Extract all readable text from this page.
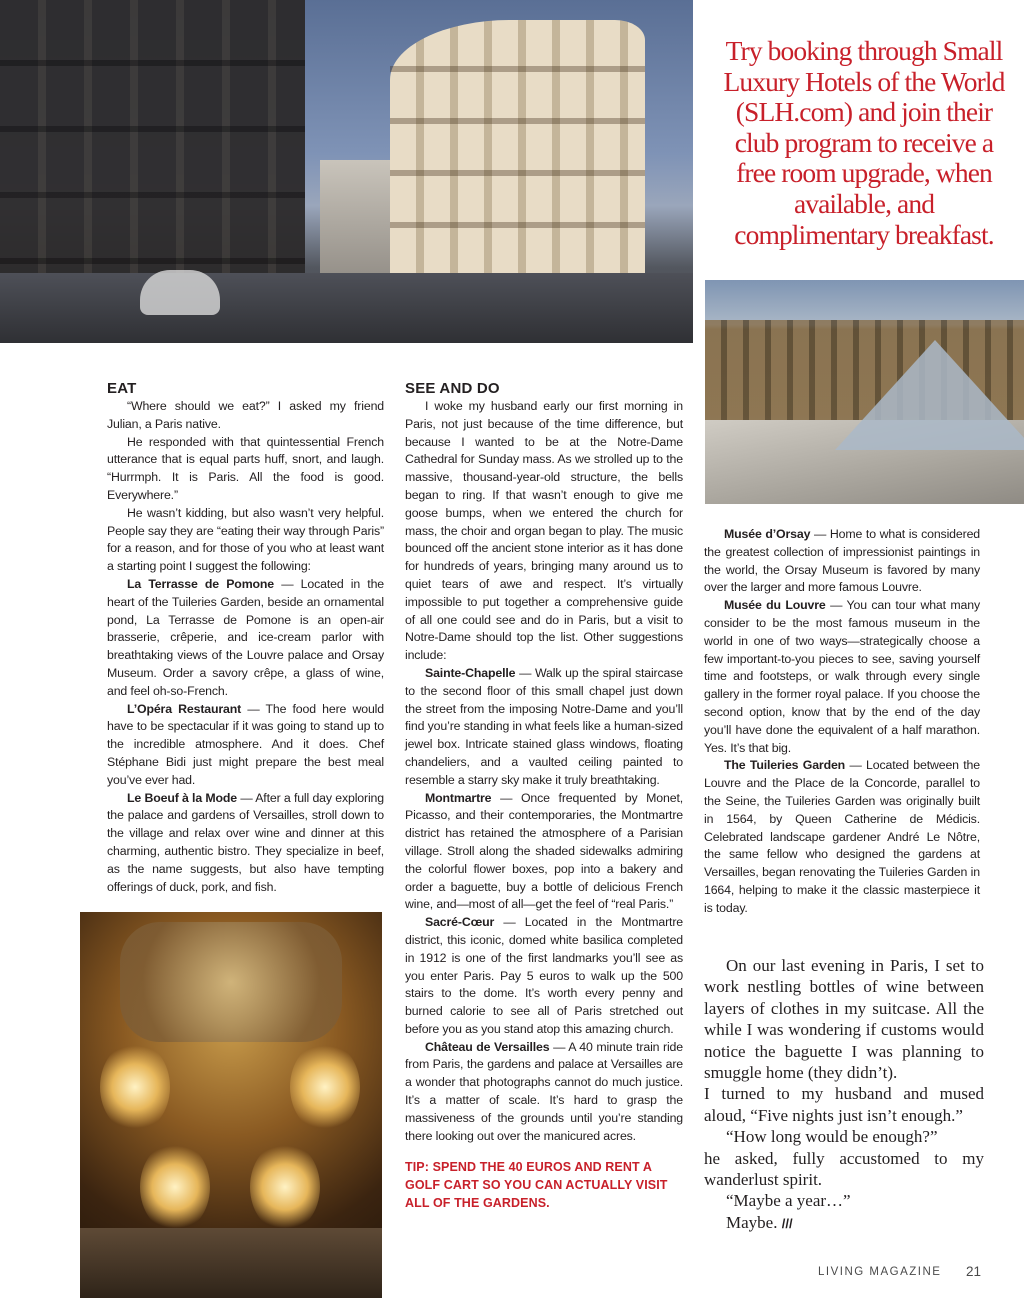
Try booking through Small Luxury Hotels of the World (SLH.com) and join their club program to receive a free room upgrade, when available, and complimentary breakfast.
EAT

“Where should we eat?” I asked my friend Julian, a Paris native.

He responded with that quintessential French utterance that is equal parts huff, snort, and laugh. “Hurrmph. It is Paris. All the food is good. Everywhere.”

He wasn’t kidding, but also wasn’t very helpful. People say they are “eating their way through Paris” for a reason, and for those of you who at least want a starting point I suggest the following:

La Terrasse de Pomone — Located in the heart of the Tuileries Garden, beside an ornamental pond, La Terrasse de Pomone is an open-air brasserie, crêperie, and ice-cream parlor with breathtaking views of the Louvre palace and Orsay Museum. Order a savory crêpe, a glass of wine, and feel oh-so-French.

L’Opéra Restaurant — The food here would have to be spectacular if it was going to stand up to the incredible atmosphere. And it does. Chef Stéphane Bidi just might prepare the best meal you’ve ever had.

Le Boeuf à la Mode — After a full day exploring the palace and gardens of Versailles, stroll down to the village and relax over wine and dinner at this charming, authentic bistro. They specialize in beef, as the name suggests, but also have tempting offerings of duck, pork, and fish.

SEE AND DO

I woke my husband early our first morning in Paris, not just because of the time difference, but because I wanted to be at the Notre-Dame Cathedral for Sunday mass. As we strolled up to the massive, thousand-year-old structure, the bells began to ring. If that wasn’t enough to give me goose bumps, when we entered the church for mass, the choir and organ began to play. The music bounced off the ancient stone interior as it has done for hundreds of years, bringing many around us to quiet tears of awe and respect. It’s virtually impossible to put together a comprehensive guide of all one could see and do in Paris, but a visit to Notre-Dame should top the list. Other suggestions include:

Sainte-Chapelle — Walk up the spiral staircase to the second floor of this small chapel just down the street from the imposing Notre-Dame and you’ll find you’re standing in what feels like a human-sized jewel box. Intricate stained glass windows, floating chandeliers, and a vaulted ceiling painted to resemble a starry sky make it truly breathtaking.

Montmartre — Once frequented by Monet, Picasso, and their contemporaries, the Montmartre district has retained the atmosphere of a Parisian village. Stroll along the shaded sidewalks admiring the colorful flower boxes, pop into a bakery and order a baguette, buy a bottle of delicious French wine, and—most of all—get the feel of “real Paris.”

Sacré-Cœur — Located in the Montmartre district, this iconic, domed white basilica completed in 1912 is one of the first landmarks you’ll see as you enter Paris. Pay 5 euros to walk up the 500 stairs to the dome. It’s worth every penny and burned calorie to see all of Paris stretched out before you as you stand atop this amazing church.

Château de Versailles — A 40 minute train ride from Paris, the gardens and palace at Versailles are a wonder that photographs cannot do much justice. It’s a matter of scale. It’s hard to grasp the massiveness of the grounds until you’re standing there looking out over the manicured acres.

TIP: SPEND THE 40 EUROS AND RENT A GOLF CART SO YOU CAN ACTUALLY VISIT ALL OF THE GARDENS.

Musée d’Orsay — Home to what is considered the greatest collection of impressionist paintings in the world, the Orsay Museum is favored by many over the larger and more famous Louvre.

Musée du Louvre — You can tour what many consider to be the most famous museum in the world in one of two ways—strategically choose a few important-to-you pieces to see, saving yourself time and footsteps, or walk through every single gallery in the former royal palace. If you choose the second option, know that by the end of the day you’ll have done the equivalent of a half marathon. Yes. It’s that big.

The Tuileries Garden — Located between the Louvre and the Place de la Concorde, parallel to the Seine, the Tuileries Garden was originally built in 1564, by Queen Catherine de Médicis. Celebrated landscape gardener André Le Nôtre, the same fellow who designed the gardens at Versailles, began renovating the Tuileries Garden in 1664, helping to make it the classic masterpiece it is today.

On our last evening in Paris, I set to work nestling bottles of wine between layers of clothes in my suitcase. All the while I was wondering if customs would notice the baguette I was planning to smuggle home (they didn’t).

I turned to my husband and mused aloud, “Five nights just isn’t enough.”

“How long would be enough?”

he asked, fully accustomed to my wanderlust spirit.

“Maybe a year…”

Maybe. ///

LIVING MAGAZINE 21
